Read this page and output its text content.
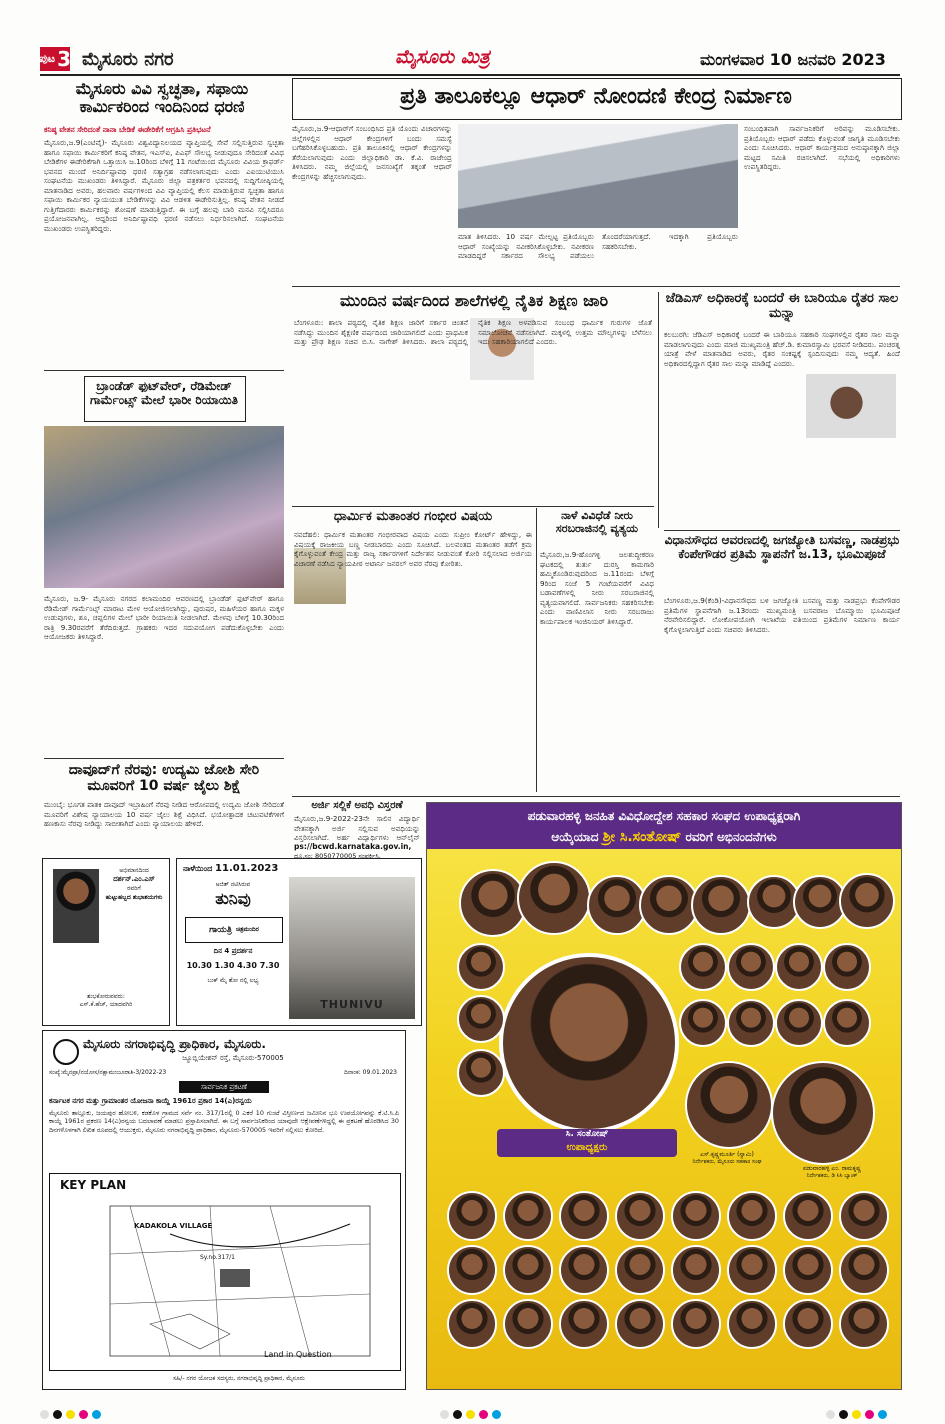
ಪುಟ 3 ಮೈಸೂರು ನಗರ	ಮೈಸೂರು ಮಿತ್ರ	ಮಂಗಳವಾರ 10 ಜನವರಿ 2023
ಮೈಸೂರು ವಿವಿ ಸ್ವಚ್ಛತಾ, ಸಫಾಯಿ ಕಾರ್ಮಿಕರಿಂದ ಇಂದಿನಿಂದ ಧರಣಿ
ಕನಿಷ್ಠ ವೇತನ ಸೇರಿದಂತೆ ನಾನಾ ಬೇಡಿಕೆ ಈಡೇರಿಕೆಗೆ ಆಗ್ರಹಿಸಿ ಪ್ರತಿಭಟನೆ
ಮೈಸೂರು,ಜ.9(ಎಂಟಿವೈ)- ಮೈಸೂರು ವಿಶ್ವವಿದ್ಯಾನಿಲಯದ ವ್ಯಾಪ್ತಿಯಲ್ಲಿ ಸೇವೆ ಸಲ್ಲಿಸುತ್ತಿರುವ ಸ್ವಚ್ಛತಾ ಹಾಗೂ ಸಫಾಯಿ ಕಾರ್ಮಿಕರಿಗೆ ಕನಿಷ್ಠ ವೇತನ, ಇಎಸ್‌ಐ, ಪಿಎಫ್ ಸೌಲಭ್ಯ ನೀಡುವುದೂ ಸೇರಿದಂತೆ ವಿವಿಧ ಬೇಡಿಕೆಗಳ ಈಡೇರಿಕೆಗಾಗಿ ಒತ್ತಾಯಿಸಿ ಜ.10ರಿಂದ ಬೆಳಿಗ್ಗೆ 11 ಗಂಟೆಯಿಂದ ಮೈಸೂರು ವಿವಿಯ ಕ್ರಾಫರ್ಡ್ ಭವನದ ಮುಂದೆ ಅನಿರ್ದಿಷ್ಟಾವಧಿ ಧರಣಿ ಸತ್ಯಾಗ್ರಹ ನಡೆಸಲಾಗುವುದು ಎಂದು ಎಐಯುಟಿಯುಸಿ ಸಂಘಟನೆಯ ಮುಖಂಡರು ತಿಳಿಸಿದ್ದಾರೆ. ಮೈಸೂರು ಜಿಲ್ಲಾ ಪತ್ರಕರ್ತರ ಭವನದಲ್ಲಿ ಸುದ್ದಿಗೋಷ್ಠಿಯಲ್ಲಿ ಮಾತನಾಡಿದ ಅವರು, ಹಲವಾರು ವರ್ಷಗಳಿಂದ ವಿವಿ ವ್ಯಾಪ್ತಿಯಲ್ಲಿ ಕೆಲಸ ಮಾಡುತ್ತಿರುವ ಸ್ವಚ್ಛತಾ ಹಾಗೂ ಸಫಾಯಿ ಕಾರ್ಮಿಕರ ನ್ಯಾಯಯುತ ಬೇಡಿಕೆಗಳನ್ನು ವಿವಿ ಆಡಳಿತ ಈಡೇರಿಸುತ್ತಿಲ್ಲ. ಕನಿಷ್ಠ ವೇತನ ನೀಡದೆ ಗುತ್ತಿಗೆದಾರರು ಕಾರ್ಮಿಕರನ್ನು ಶೋಷಣೆ ಮಾಡುತ್ತಿದ್ದಾರೆ. ಈ ಬಗ್ಗೆ ಹಲವು ಬಾರಿ ಮನವಿ ಸಲ್ಲಿಸಿದರೂ ಪ್ರಯೋಜನವಾಗಿಲ್ಲ. ಆದ್ದರಿಂದ ಅನಿರ್ದಿಷ್ಟಾವಧಿ ಧರಣಿ ನಡೆಸಲು ನಿರ್ಧರಿಸಲಾಗಿದೆ. ಸಂಘಟನೆಯ ಮುಖಂಡರು ಉಪಸ್ಥಿತರಿದ್ದರು.
ಬ್ರಾಂಡೆಡ್ ಫುಟ್‌ವೇರ್, ರೆಡಿಮೇಡ್ ಗಾರ್ಮೆಂಟ್ಸ್ ಮೇಲೆ ಭಾರೀ ರಿಯಾಯಿತಿ
ಮೈಸೂರು, ಜ.9- ಮೈಸೂರು ನಗರದ ಕಲಾಮಂದಿರ ಆವರಣದಲ್ಲಿ ಬ್ರಾಂಡೆಡ್ ಫುಟ್‌ವೇರ್ ಹಾಗೂ ರೆಡಿಮೇಡ್ ಗಾರ್ಮೆಂಟ್ಸ್ ಮಾರಾಟ ಮೇಳ ಆಯೋಜಿಸಲಾಗಿದ್ದು, ಪುರುಷರ, ಮಹಿಳೆಯರ ಹಾಗೂ ಮಕ್ಕಳ ಉಡುಪುಗಳು, ಶೂ, ಚಪ್ಪಲಿಗಳ ಮೇಲೆ ಭಾರೀ ರಿಯಾಯಿತಿ ನೀಡಲಾಗಿದೆ. ಮೇಳವು ಬೆಳಿಗ್ಗೆ 10.30ರಿಂದ ರಾತ್ರಿ 9.30ರವರೆಗೆ ತೆರೆದಿರುತ್ತದೆ. ಗ್ರಾಹಕರು ಇದರ ಸದುಪಯೋಗ ಪಡೆದುಕೊಳ್ಳಬೇಕು ಎಂದು ಆಯೋಜಕರು ತಿಳಿಸಿದ್ದಾರೆ.
ದಾವೂದ್‌ಗೆ ನೆರವು: ಉದ್ಯಮಿ ಜೋಶಿ ಸೇರಿ ಮೂವರಿಗೆ 10 ವರ್ಷ ಜೈಲು ಶಿಕ್ಷೆ
ಮುಂಬೈ: ಭೂಗತ ಪಾತಕಿ ದಾವೂದ್ ಇಬ್ರಾಹಿಂಗೆ ನೆರವು ನೀಡಿದ ಆರೋಪದಲ್ಲಿ ಉದ್ಯಮಿ ಜೋಶಿ ಸೇರಿದಂತೆ ಮೂವರಿಗೆ ವಿಶೇಷ ನ್ಯಾಯಾಲಯ 10 ವರ್ಷ ಜೈಲು ಶಿಕ್ಷೆ ವಿಧಿಸಿದೆ. ಭಯೋತ್ಪಾದಕ ಚಟುವಟಿಕೆಗಳಿಗೆ ಹಣಕಾಸು ನೆರವು ನೀಡಿದ್ದು ಸಾಬೀತಾಗಿದೆ ಎಂದು ನ್ಯಾಯಾಲಯ ಹೇಳಿದೆ.
ಅಭಿಮಾನದಿಂದ
ದರ್ಶನ್.ಎಂ.ಎಸ್
ರವರಿಗೆ
ಹುಟ್ಟುಹಬ್ಬದ ಶುಭಾಶಯಗಳು
ಶುಭಕೋರುವವರು:
ಎಸ್.ಕೆ.ಹೆಚ್, ಯಾದವಗಿರಿ
ನಾಳೆಯಿಂದ 11.01.2023
ಅಜಿತ್ ನಟಿಸಿರುವ
ತುನಿವು
ಗಾಯತ್ರಿ ಚಿತ್ರಮಂದಿರ
ದಿನ 4 ಪ್ರದರ್ಶನ
10.30 1.30 4.30 7.30
ಬುಕ್ ಮೈ ಶೋ ನಲ್ಲಿ ಲಭ್ಯ
THUNIVU
ಮೈಸೂರು ನಗರಾಭಿವೃದ್ಧಿ ಪ್ರಾಧಿಕಾರ, ಮೈಸೂರು.
ಜ್ಯೂಬ್ಲಿಯೇಶನ್ ರಸ್ತೆ, ಮೈಸೂರು-570005
ಸಂಖ್ಯೆ:ಮೈನಪ್ರಾ/ನಯೋಸ/ನಕ್ಷಾಮಂಜೂರಾತಿ-3/2022-23	ದಿನಾಂಕ: 09.01.2023
ಸಾರ್ವಜನಿಕ ಪ್ರಕಟಣೆ
ಕರ್ನಾಟಕ ನಗರ ಮತ್ತು ಗ್ರಾಮಾಂತರ ಯೋಜನಾ ಕಾಯ್ದೆ 1961ರ ಪ್ರಕಾರ 14(ಎ)ರನ್ವಯ
ಮೈಸೂರು ತಾಲ್ಲೂಕು, ಜಯಪುರ ಹೋಬಳಿ, ಕಡಕೊಳ ಗ್ರಾಮದ ಸರ್ವೆ ನಂ. 317/1ರಲ್ಲಿ 0 ಎಕರೆ 10 ಗುಂಟೆ ವಿಸ್ತೀರ್ಣದ ಜಮೀನಿನ ಭೂ ಉಪಯೋಗವನ್ನು ಕೆ.ಟಿ.ಸಿ.ಪಿ ಕಾಯ್ದೆ 1961ರ ಪ್ರಕರಣ 14(ಎ)ರನ್ವಯ ಬದಲಾವಣೆ ಮಾಡಲು ಪ್ರಸ್ತಾಪಿಸಲಾಗಿದೆ. ಈ ಬಗ್ಗೆ ಸಾರ್ವಜನಿಕರಿಂದ ಯಾವುದೇ ಆಕ್ಷೇಪಣೆಗಳಿದ್ದಲ್ಲಿ ಈ ಪ್ರಕಟಣೆ ಹೊರಡಿಸಿದ 30 ದಿನಗಳೊಳಗಾಗಿ ಲಿಖಿತ ರೂಪದಲ್ಲಿ ಆಯುಕ್ತರು, ಮೈಸೂರು ನಗರಾಭಿವೃದ್ಧಿ ಪ್ರಾಧಿಕಾರ, ಮೈಸೂರು-570005 ಇವರಿಗೆ ಸಲ್ಲಿಸಲು ಕೋರಿದೆ.
KEY PLAN
KADAKOLA VILLAGE
Sy.no.317/1
Land in Question
ಸಹಿ/- ನಗರ ಯೋಜಕ ಸದಸ್ಯರು, ನಗರಾಭಿವೃದ್ಧಿ ಪ್ರಾಧಿಕಾರ, ಮೈಸೂರು
ಪ್ರತಿ ತಾಲೂಕಲ್ಲೂ ಆಧಾರ್ ನೋಂದಣಿ ಕೇಂದ್ರ ನಿರ್ಮಾಣ
ಮೈಸೂರು,ಜ.9-ಆಧಾರ್‌ಗೆ ಸಂಬಂಧಿಸಿದ ಪ್ರತಿ ಯೊಂದು ವಿಚಾರಗಳನ್ನು ಜಿಲ್ಲೆಗಳಲ್ಲಿನ ಆಧಾರ್ ಕೇಂದ್ರಗಳಿಗೆ ಬಂದು ಸಮಸ್ಯೆ ಬಗೆಹರಿಸಿಕೊಳ್ಳಬಹುದು. ಪ್ರತಿ ತಾಲೂಕಿನಲ್ಲಿ ಆಧಾರ್ ಕೇಂದ್ರಗಳನ್ನು ತೆರೆಯಲಾಗುವುದು ಎಂದು ಜಿಲ್ಲಾಧಿಕಾರಿ ಡಾ. ಕೆ.ವಿ. ರಾಜೇಂದ್ರ ತಿಳಿಸಿದರು. ನಮ್ಮ ಜಿಲ್ಲೆಯಲ್ಲಿ ಜನಸಂಖ್ಯೆಗೆ ತಕ್ಕಂತೆ ಆಧಾರ್ ಕೇಂದ್ರಗಳನ್ನು ಹೆಚ್ಚಿಸಲಾಗುವುದು.
ಮಾತ ತಿಳಿಸಿದರು. 10 ವರ್ಷ ಮೇಲ್ಪಟ್ಟ ಪ್ರತಿಯೊಬ್ಬರು ಆಧಾರ್ ಸಂಖ್ಯೆಯನ್ನು ನವೀಕರಿಸಿಕೊಳ್ಳಬೇಕು. ನವೀಕರಣ ಮಾಡದಿದ್ದರೆ ಸರ್ಕಾರದ ಸೌಲಭ್ಯ ಪಡೆಯಲು ತೊಂದರೆಯಾಗುತ್ತದೆ. ಇದಕ್ಕಾಗಿ ಪ್ರತಿಯೊಬ್ಬರು ಸಹಕರಿಸಬೇಕು.
ಸಂಬಂಧಿತವಾಗಿ ಸಾರ್ವಜನಿಕರಿಗೆ ಅರಿವನ್ನು ಮೂಡಿಸಬೇಕು. ಪ್ರತಿಯೊಬ್ಬರು ಆಧಾರ್ ಪಡೆದು ಕೊಳ್ಳುವಂತೆ ಜಾಗೃತಿ ಮೂಡಿಸಬೇಕು ಎಂದು ಸೂಚಿಸಿದರು. ಆಧಾರ್ ಕಾರ್ಯಕ್ರಮದ ಅನುಷ್ಠಾನಕ್ಕಾಗಿ ಜಿಲ್ಲಾ ಮಟ್ಟದ ಸಮಿತಿ ರಚಿಸಲಾಗಿದೆ. ಸಭೆಯಲ್ಲಿ ಅಧಿಕಾರಿಗಳು ಉಪಸ್ಥಿತರಿದ್ದರು.
ಮುಂದಿನ ವರ್ಷದಿಂದ ಶಾಲೆಗಳಲ್ಲಿ ನೈತಿಕ ಶಿಕ್ಷಣ ಜಾರಿ
ಬೆಂಗಳೂರು: ಶಾಲಾ ಪಠ್ಯದಲ್ಲಿ ನೈತಿಕ ಶಿಕ್ಷಣ ಜಾರಿಗೆ ಸರ್ಕಾರ ಚಿಂತನೆ ನಡೆಸಿದ್ದು ಮುಂದಿನ ಶೈಕ್ಷಣಿಕ ವರ್ಷದಿಂದ ಜಾರಿಯಾಗಲಿದೆ ಎಂದು ಪ್ರಾಥಮಿಕ ಮತ್ತು ಪ್ರೌಢ ಶಿಕ್ಷಣ ಸಚಿವ ಬಿ.ಸಿ. ನಾಗೇಶ್ ತಿಳಿಸಿದರು. ಶಾಲಾ ಪಠ್ಯದಲ್ಲಿ ನೈತಿಕ ಶಿಕ್ಷಣ ಅಳವಡಿಸುವ ಸಂಬಂಧ ಧಾರ್ಮಿಕ ಗುರುಗಳ ಜೊತೆ ಸಮಾಲೋಚನೆ ನಡೆಸಲಾಗಿದೆ. ಮಕ್ಕಳಲ್ಲಿ ಉತ್ತಮ ಮೌಲ್ಯಗಳನ್ನು ಬೆಳೆಸಲು ಇದು ಸಹಕಾರಿಯಾಗಲಿದೆ ಎಂದರು.
ಜೆಡಿಎಸ್ ಅಧಿಕಾರಕ್ಕೆ ಬಂದರೆ ಈ ಬಾರಿಯೂ ರೈತರ ಸಾಲ ಮನ್ನಾ
ಕಲಬುರಗಿ: ಜೆಡಿಎಸ್ ಅಧಿಕಾರಕ್ಕೆ ಬಂದರೆ ಈ ಬಾರಿಯೂ ಸಹಕಾರಿ ಸಂಘಗಳಲ್ಲಿನ ರೈತರ ಸಾಲ ಮನ್ನಾ ಮಾಡಲಾಗುವುದು ಎಂದು ಮಾಜಿ ಮುಖ್ಯಮಂತ್ರಿ ಹೆಚ್.ಡಿ. ಕುಮಾರಸ್ವಾಮಿ ಭರವಸೆ ನೀಡಿದರು. ಪಂಚರತ್ನ ಯಾತ್ರೆ ವೇಳೆ ಮಾತನಾಡಿದ ಅವರು, ರೈತರ ಸಂಕಷ್ಟಕ್ಕೆ ಸ್ಪಂದಿಸುವುದು ನಮ್ಮ ಆದ್ಯತೆ. ಹಿಂದೆ ಅಧಿಕಾರದಲ್ಲಿದ್ದಾಗ ರೈತರ ಸಾಲ ಮನ್ನಾ ಮಾಡಿದ್ದೆ ಎಂದರು.
ಧಾರ್ಮಿಕ ಮತಾಂತರ ಗಂಭೀರ ವಿಷಯ
ನವದೆಹಲಿ: ಧಾರ್ಮಿಕ ಮತಾಂತರ ಗಂಭೀರವಾದ ವಿಷಯ ಎಂದು ಸುಪ್ರೀಂ ಕೋರ್ಟ್ ಹೇಳಿದ್ದು, ಈ ವಿಷಯಕ್ಕೆ ರಾಜಕೀಯ ಬಣ್ಣ ನೀಡಬಾರದು ಎಂದು ಸೂಚಿಸಿದೆ. ಬಲವಂತದ ಮತಾಂತರ ತಡೆಗೆ ಕ್ರಮ ಕೈಗೊಳ್ಳುವಂತೆ ಕೇಂದ್ರ ಮತ್ತು ರಾಜ್ಯ ಸರ್ಕಾರಗಳಿಗೆ ನಿರ್ದೇಶನ ನೀಡುವಂತೆ ಕೋರಿ ಸಲ್ಲಿಸಲಾದ ಅರ್ಜಿಯ ವಿಚಾರಣೆ ನಡೆಸಿದ ನ್ಯಾಯಪೀಠ ಅಟಾರ್ನಿ ಜನರಲ್ ಅವರ ನೆರವು ಕೋರಿತು.
ನಾಳೆ ವಿವಿಧೆಡೆ ನೀರು ಸರಬರಾಜಿನಲ್ಲಿ ವ್ಯತ್ಯಯ
ಮೈಸೂರು,ಜ.9-ಹೊಂಗಳ್ಳಿ ಜಲಶುದ್ಧೀಕರಣ ಘಟಕದಲ್ಲಿ ತುರ್ತು ದುರಸ್ತಿ ಕಾಮಗಾರಿ ಹಮ್ಮಿಕೊಂಡಿರುವುದರಿಂದ ಜ.11ರಂದು ಬೆಳಿಗ್ಗೆ 9ರಿಂದ ಸಂಜೆ 5 ಗಂಟೆಯವರೆಗೆ ವಿವಿಧ ಬಡಾವಣೆಗಳಲ್ಲಿ ನೀರು ಸರಬರಾಜಿನಲ್ಲಿ ವ್ಯತ್ಯಯವಾಗಲಿದೆ. ಸಾರ್ವಜನಿಕರು ಸಹಕರಿಸಬೇಕು ಎಂದು ವಾಣಿವಿಲಾಸ ನೀರು ಸರಬರಾಜು ಕಾರ್ಯಪಾಲಕ ಇಂಜಿನಿಯರ್ ತಿಳಿಸಿದ್ದಾರೆ.
ವಿಧಾನಸೌಧದ ಆವರಣದಲ್ಲಿ ಜಗಜ್ಯೋತಿ ಬಸವಣ್ಣ, ನಾಡಪ್ರಭು ಕೆಂಪೇಗೌಡರ ಪ್ರತಿಮೆ ಸ್ಥಾಪನೆಗೆ ಜ.13, ಭೂಮಿಪೂಜೆ
ಬೆಂಗಳೂರು,ಜ.9(ಕೆಂಡಿ)-ವಿಧಾನಸೌಧದ ಬಳಿ ಜಗಜ್ಯೋತಿ ಬಸವಣ್ಣ ಮತ್ತು ನಾಡಪ್ರಭು ಕೆಂಪೇಗೌಡರ ಪ್ರತಿಮೆಗಳ ಸ್ಥಾಪನೆಗಾಗಿ ಜ.13ರಂದು ಮುಖ್ಯಮಂತ್ರಿ ಬಸವರಾಜ ಬೊಮ್ಮಾಯಿ ಭೂಮಿಪೂಜೆ ನೆರವೇರಿಸಲಿದ್ದಾರೆ. ಲೋಕೋಪಯೋಗಿ ಇಲಾಖೆಯ ವತಿಯಿಂದ ಪ್ರತಿಮೆಗಳ ನಿರ್ಮಾಣ ಕಾರ್ಯ ಕೈಗೊಳ್ಳಲಾಗುತ್ತಿದೆ ಎಂದು ಸಚಿವರು ತಿಳಿಸಿದರು.
ಅರ್ಜಿ ಸಲ್ಲಿಕೆ ಅವಧಿ ವಿಸ್ತರಣೆ
ಮೈಸೂರು,ಜ.9-2022-23ನೇ ಸಾಲಿನ ವಿದ್ಯಾರ್ಥಿ ವೇತನಕ್ಕಾಗಿ ಅರ್ಜಿ ಸಲ್ಲಿಸುವ ಅವಧಿಯನ್ನು ವಿಸ್ತರಿಸಲಾಗಿದೆ. ಅರ್ಹ ವಿದ್ಯಾರ್ಥಿಗಳು ಆನ್‌ಲೈನ್
ps://bcwd.karnataka.gov.in,
ದೂ.ಸಂ: 8050770005 ಸಂಪರ್ಕಿಸಿ.
ಪಡುವಾರಹಳ್ಳಿ ಜನಹಿತ ವಿವಿಧೋದ್ದೇಶ ಸಹಕಾರ ಸಂಘದ ಉಪಾಧ್ಯಕ್ಷರಾಗಿ
ಆಯ್ಕೆಯಾದ ಶ್ರೀ ಸಿ.ಸಂತೋಷ್ ರವರಿಗೆ ಅಭಿನಂದನೆಗಳು
ಸಿ. ಸಂತೋಷ್
ಉಪಾಧ್ಯಕ್ಷರು
ಎಸ್.ಕೃಷ್ಣಮೂರ್ತಿ (ಸ್ವಾಮಿ)
ನಿರ್ದೇಶಕರು, ಮೈಸೂರು ಸಹಕಾರ ಸಂಘ
ಪಡುವಾರಹಳ್ಳಿ ಎಂ. ರಾಮಕೃಷ್ಣ
ನಿರ್ದೇಶಕರು, ಡಿ ಸಿಸಿ ಬ್ಯಾಂಕ್
